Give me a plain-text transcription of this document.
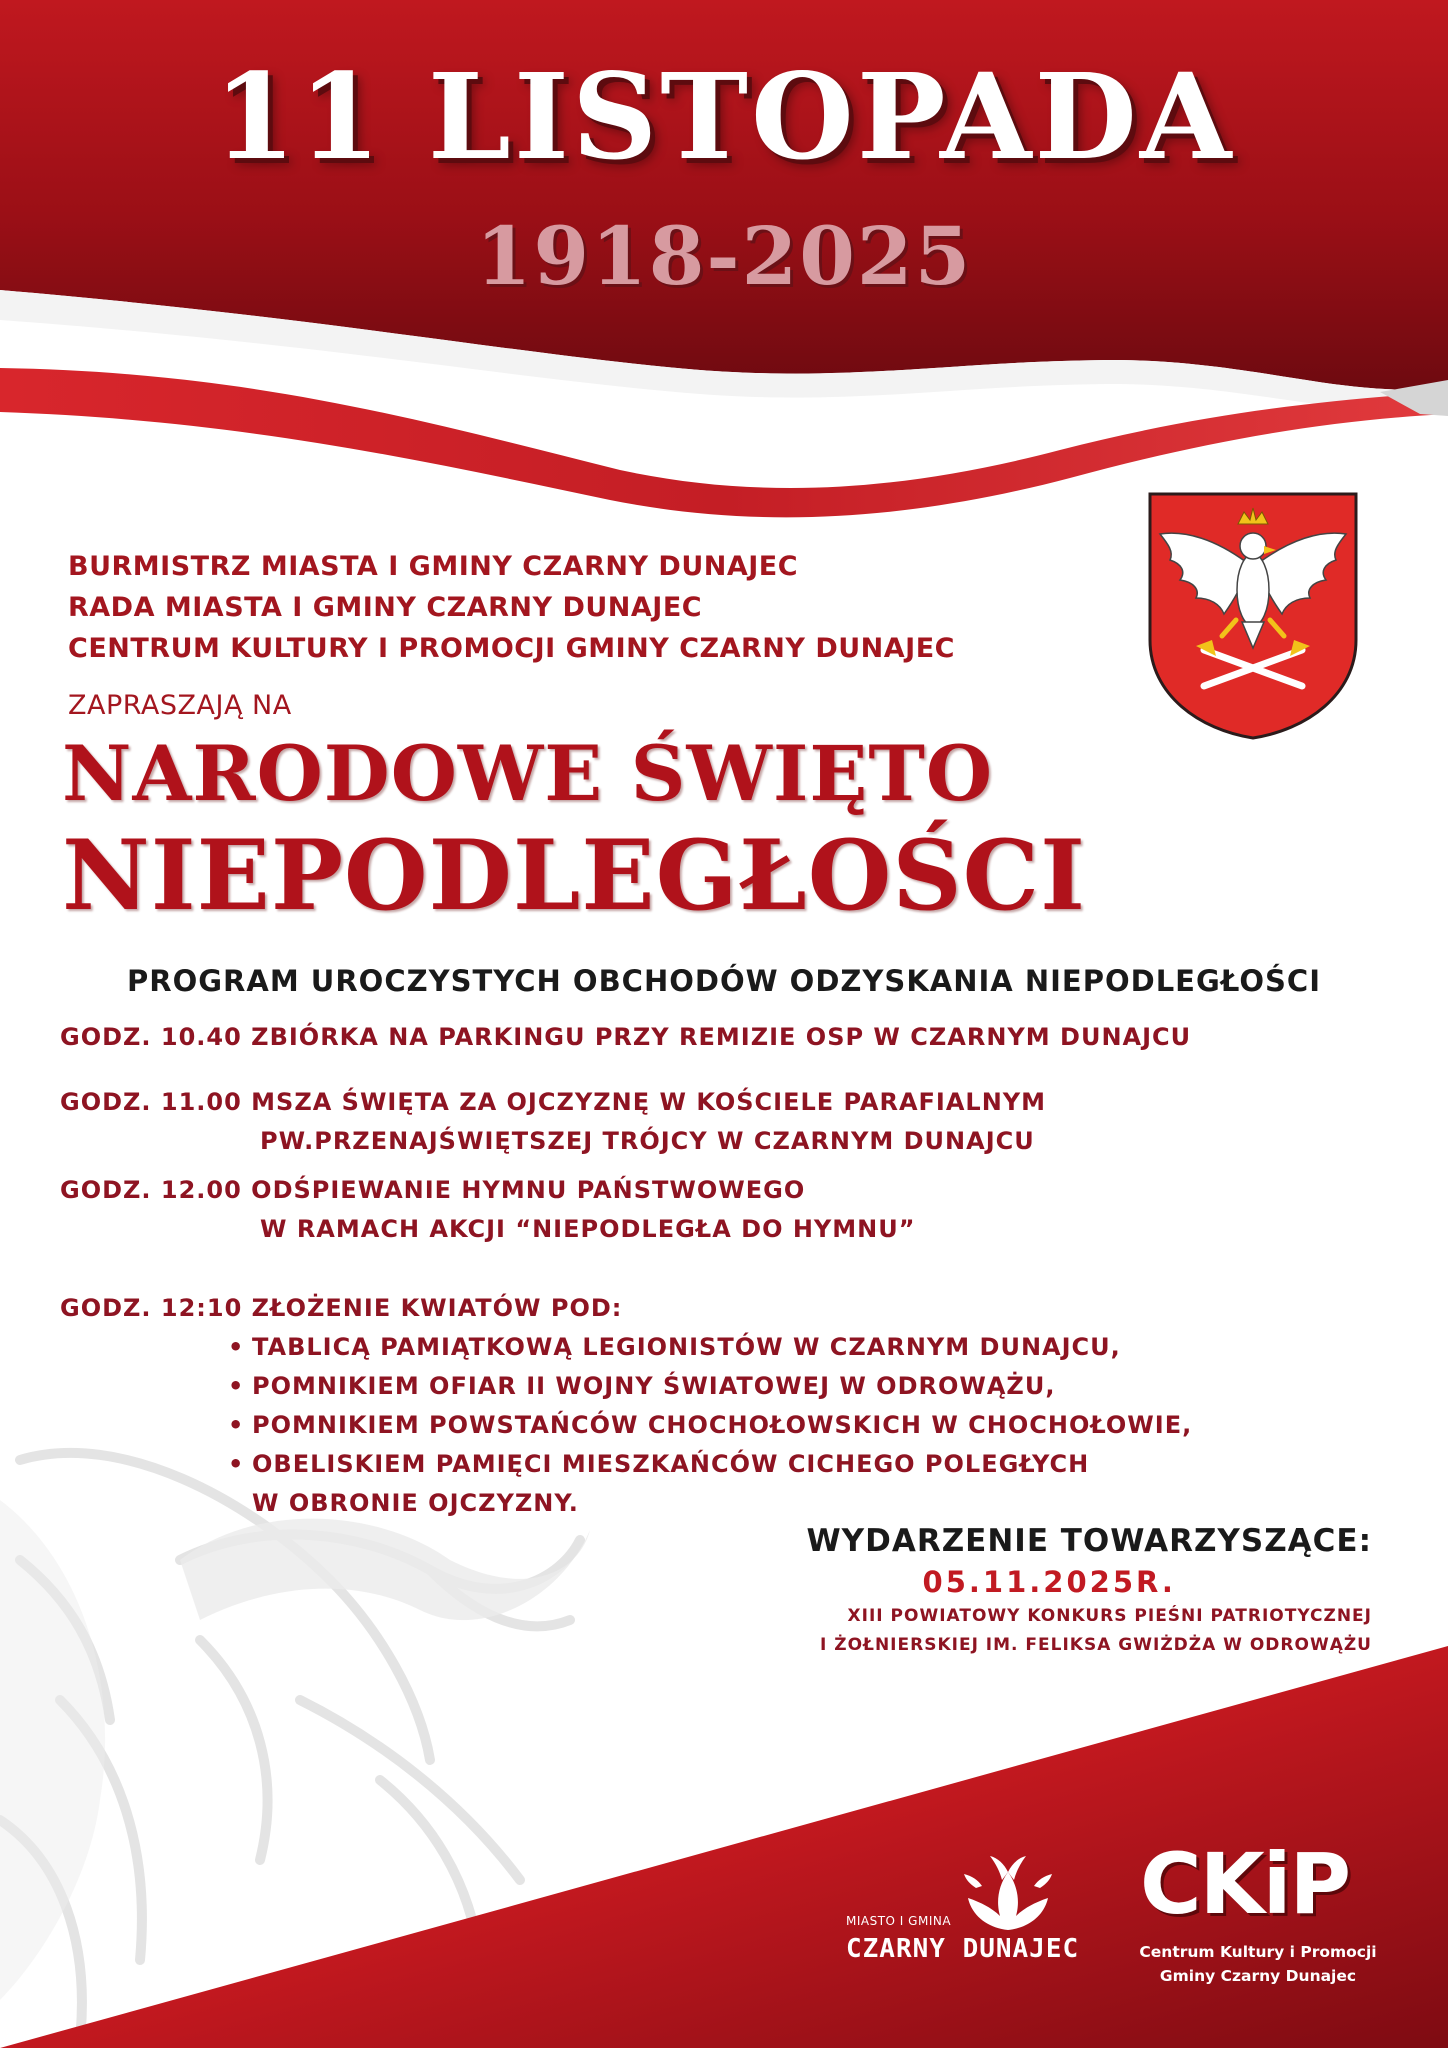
11 LISTOPADA
1918-2025
BURMISTRZ MIASTA I GMINY CZARNY DUNAJEC
RADA MIASTA I GMINY CZARNY DUNAJEC
CENTRUM KULTURY I PROMOCJI GMINY CZARNY DUNAJEC
ZAPRASZAJĄ NA
NARODOWE ŚWIĘTO
NIEPODLEGŁOŚCI
PROGRAM UROCZYSTYCH OBCHODÓW ODZYSKANIA NIEPODLEGŁOŚCI
GODZ. 10.40 ZBIÓRKA NA PARKINGU PRZY REMIZIE OSP W CZARNYM DUNAJCU
GODZ. 11.00 MSZA ŚWIĘTA ZA OJCZYZNĘ W KOŚCIELE PARAFIALNYM
PW.PRZENAJŚWIĘTSZEJ TRÓJCY W CZARNYM DUNAJCU
GODZ. 12.00 ODŚPIEWANIE HYMNU PAŃSTWOWEGO
W RAMACH AKCJI “NIEPODLEGŁA DO HYMNU”
GODZ. 12:10 ZŁOŻENIE KWIATÓW POD:
• TABLICĄ PAMIĄTKOWĄ LEGIONISTÓW W CZARNYM DUNAJCU,
• POMNIKIEM OFIAR II WOJNY ŚWIATOWEJ W ODROWĄŻU,
• POMNIKIEM POWSTAŃCÓW CHOCHOŁOWSKICH W CHOCHOŁOWIE,
• OBELISKIEM PAMIĘCI MIESZKAŃCÓW CICHEGO POLEGŁYCH
W OBRONIE OJCZYZNY.
WYDARZENIE TOWARZYSZĄCE:
05.11.2025R.
XIII POWIATOWY KONKURS PIEŚNI PATRIOTYCZNEJ
I ŻOŁNIERSKIEJ IM. FELIKSA GWIŻDŻA W ODROWĄŻU
MIASTO I GMINA
CZARNY DUNAJEC
CKiP
Centrum Kultury i Promocji
Gminy Czarny Dunajec
